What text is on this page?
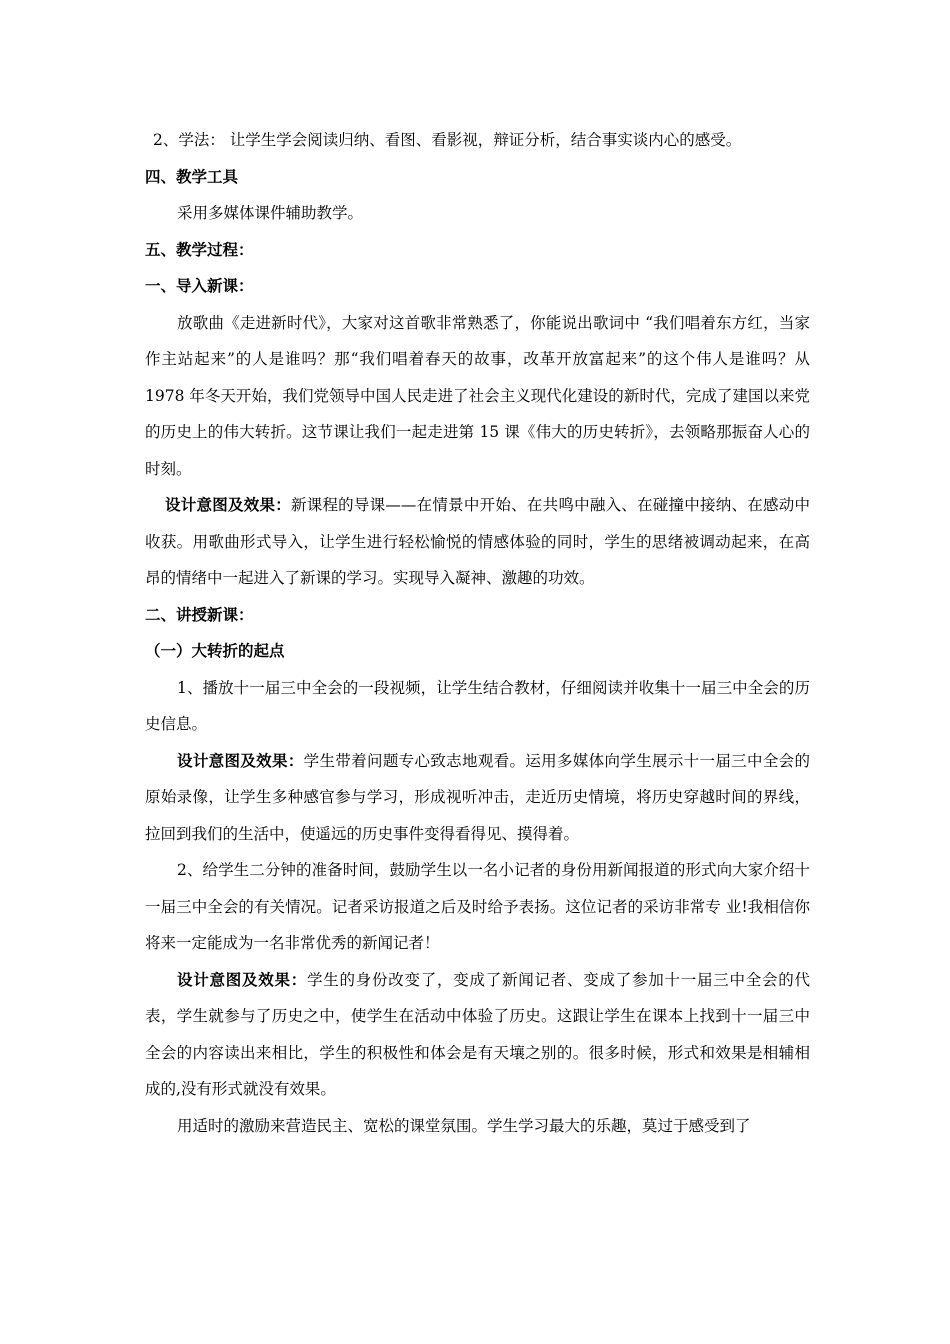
2、学法： 让学生学会阅读归纳、看图、看影视，辩证分析，结合事实谈内心的感受。

四、教学工具

采用多媒体课件辅助教学。

五、教学过程：

一、导入新课：

放歌曲《走进新时代》，大家对这首歌非常熟悉了，你能说出歌词中 “我们唱着东方红，当家作主站起来”的人是谁吗？那“我们唱着春天的故事，改革开放富起来”的这个伟人是谁吗？从 1978 年冬天开始，我们党领导中国人民走进了社会主义现代化建设的新时代，完成了建国以来党的历史上的伟大转折。这节课让我们一起走进第 15 课《伟大的历史转折》，去领略那振奋人心的时刻。

设计意图及效果：新课程的导课——在情景中开始、在共鸣中融入、在碰撞中接纳、在感动中收获。用歌曲形式导入，让学生进行轻松愉悦的情感体验的同时，学生的思绪被调动起来，在高昂的情绪中一起进入了新课的学习。实现导入凝神、激趣的功效。

二、讲授新课：

（一）大转折的起点

1、播放十一届三中全会的一段视频，让学生结合教材，仔细阅读并收集十一届三中全会的历史信息。

设计意图及效果：学生带着问题专心致志地观看。运用多媒体向学生展示十一届三中全会的原始录像，让学生多种感官参与学习，形成视听冲击，走近历史情境，将历史穿越时间的界线，拉回到我们的生活中，使遥远的历史事件变得看得见、摸得着。

2、给学生二分钟的准备时间，鼓励学生以一名小记者的身份用新闻报道的形式向大家介绍十一届三中全会的有关情况。记者采访报道之后及时给予表扬。这位记者的采访非常专 业!我相信你将来一定能成为一名非常优秀的新闻记者！

设计意图及效果：学生的身份改变了，变成了新闻记者、变成了参加十一届三中全会的代表，学生就参与了历史之中，使学生在活动中体验了历史。这跟让学生在课本上找到十一届三中全会的内容读出来相比，学生的积极性和体会是有天壤之别的。很多时候，形式和效果是相辅相成的,没有形式就没有效果。

用适时的激励来营造民主、宽松的课堂氛围。学生学习最大的乐趣，莫过于感受到了
